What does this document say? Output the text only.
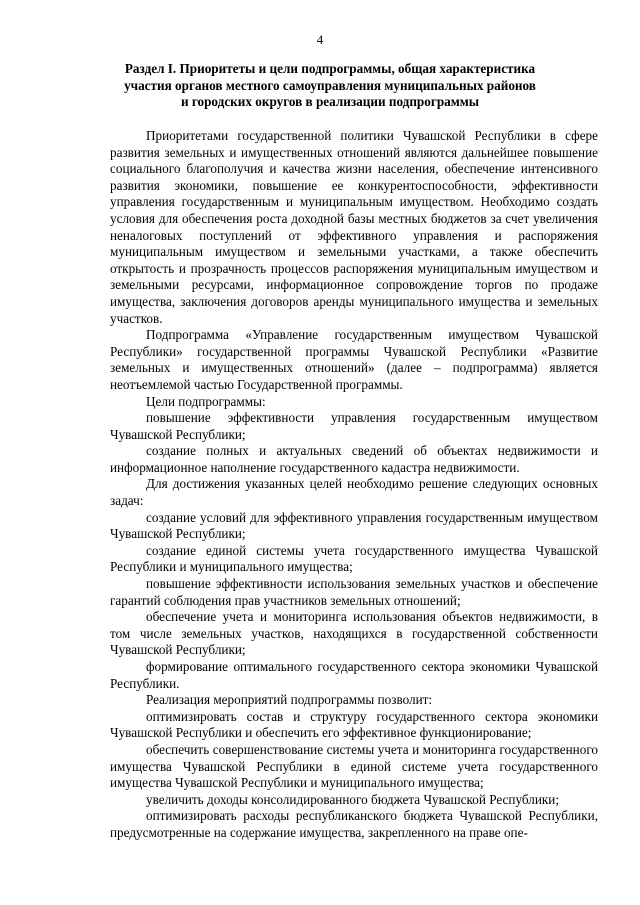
4
Раздел I. Приоритеты и цели подпрограммы, общая характеристика
участия органов местного самоуправления муниципальных районов
и городских округов в реализации подпрограммы

Приоритетами государственной политики Чувашской Республики в сфере развития земельных и имущественных отношений являются дальнейшее повышение социального благополучия и качества жизни населения, обеспечение интенсивного развития экономики, повышение ее конкурентоспособности, эффективности управления государственным и муниципальным имуществом. Необходимо создать условия для обеспечения роста доходной базы местных бюджетов за счет увеличения неналоговых поступлений от эффективного управления и распоряжения муниципальным имуществом и земельными участками, а также обеспечить открытость и прозрачность процессов распоряжения муниципальным имуществом и земельными ресурсами, информационное сопровождение торгов по продаже имущества, заключения договоров аренды муниципального имущества и земельных участков.

Подпрограмма «Управление государственным имуществом Чувашской Республики» государственной программы Чувашской Республики «Развитие земельных и имущественных отношений» (далее – подпрограмма) является неотъемлемой частью Государственной программы.

Цели подпрограммы:

повышение эффективности управления государственным имуществом Чувашской Республики;

создание полных и актуальных сведений об объектах недвижимости и информационное наполнение государственного кадастра недвижимости.

Для достижения указанных целей необходимо решение следующих основных задач:

создание условий для эффективного управления государственным имуществом Чувашской Республики;

создание единой системы учета государственного имущества Чувашской Республики и муниципального имущества;

повышение эффективности использования земельных участков и обеспечение гарантий соблюдения прав участников земельных отношений;

обеспечение учета и мониторинга использования объектов недвижимости, в том числе земельных участков, находящихся в государственной собственности Чувашской Республики;

формирование оптимального государственного сектора экономики Чувашской Республики.

Реализация мероприятий подпрограммы позволит:

оптимизировать состав и структуру государственного сектора экономики Чувашской Республики и обеспечить его эффективное функционирование;

обеспечить совершенствование системы учета и мониторинга государственного имущества Чувашской Республики в единой системе учета государственного имущества Чувашской Республики и муниципального имущества;

увеличить доходы консолидированного бюджета Чувашской Республики;

оптимизировать расходы республиканского бюджета Чувашской Республики, предусмотренные на содержание имущества, закрепленного на праве опе-
